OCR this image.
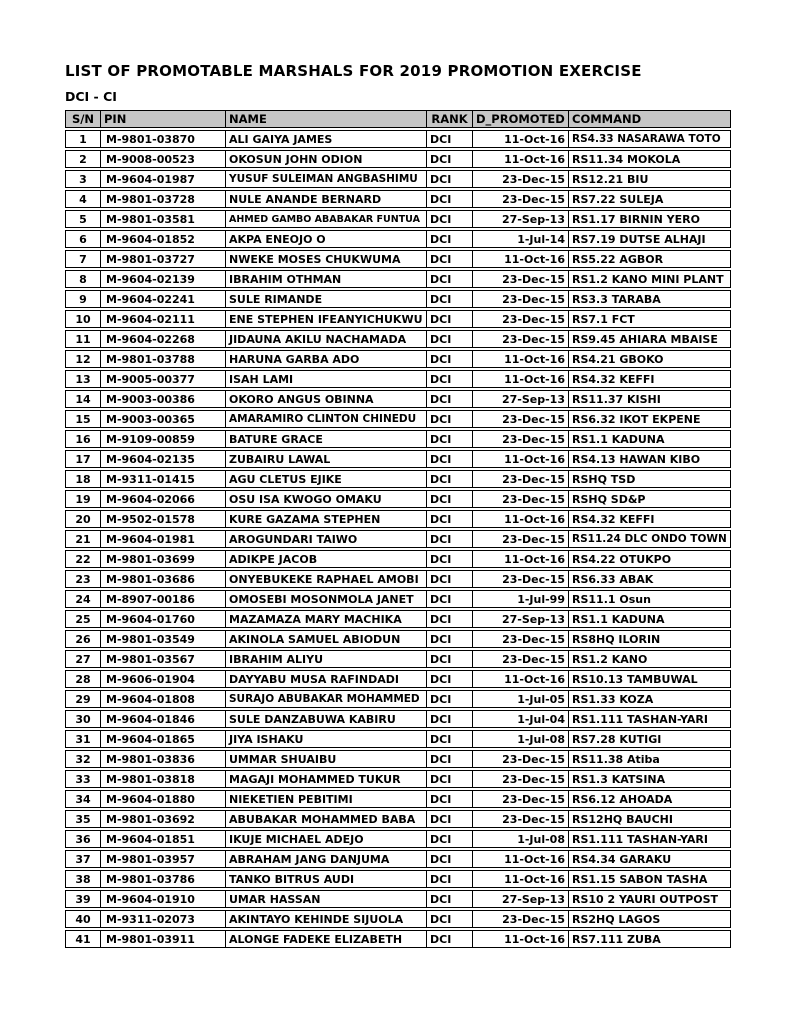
LIST OF PROMOTABLE MARSHALS FOR 2019 PROMOTION EXERCISE
DCI - CI
S/N	PIN	NAME	RANK	D_PROMOTED	COMMAND
1	M-9801-03870	ALI GAIYA JAMES	DCI	11-Oct-16	RS4.33 NASARAWA TOTO
2	M-9008-00523	OKOSUN JOHN ODION	DCI	11-Oct-16	RS11.34 MOKOLA
3	M-9604-01987	YUSUF SULEIMAN ANGBASHIMU	DCI	23-Dec-15	RS12.21 BIU
4	M-9801-03728	NULE ANANDE BERNARD	DCI	23-Dec-15	RS7.22 SULEJA
5	M-9801-03581	AHMED GAMBO ABABAKAR FUNTUA	DCI	27-Sep-13	RS1.17 BIRNIN YERO
6	M-9604-01852	AKPA ENEOJO O	DCI	1-Jul-14	RS7.19 DUTSE ALHAJI
7	M-9801-03727	NWEKE MOSES CHUKWUMA	DCI	11-Oct-16	RS5.22 AGBOR
8	M-9604-02139	IBRAHIM OTHMAN	DCI	23-Dec-15	RS1.2 KANO MINI PLANT
9	M-9604-02241	SULE RIMANDE	DCI	23-Dec-15	RS3.3 TARABA
10	M-9604-02111	ENE STEPHEN IFEANYICHUKWU	DCI	23-Dec-15	RS7.1 FCT
11	M-9604-02268	JIDAUNA AKILU NACHAMADA	DCI	23-Dec-15	RS9.45 AHIARA MBAISE
12	M-9801-03788	HARUNA GARBA ADO	DCI	11-Oct-16	RS4.21 GBOKO
13	M-9005-00377	ISAH LAMI	DCI	11-Oct-16	RS4.32 KEFFI
14	M-9003-00386	OKORO ANGUS OBINNA	DCI	27-Sep-13	RS11.37 KISHI
15	M-9003-00365	AMARAMIRO CLINTON CHINEDU	DCI	23-Dec-15	RS6.32 IKOT EKPENE
16	M-9109-00859	BATURE GRACE	DCI	23-Dec-15	RS1.1 KADUNA
17	M-9604-02135	ZUBAIRU LAWAL	DCI	11-Oct-16	RS4.13 HAWAN KIBO
18	M-9311-01415	AGU CLETUS EJIKE	DCI	23-Dec-15	RSHQ TSD
19	M-9604-02066	OSU ISA KWOGO OMAKU	DCI	23-Dec-15	RSHQ SD&P
20	M-9502-01578	KURE GAZAMA STEPHEN	DCI	11-Oct-16	RS4.32 KEFFI
21	M-9604-01981	AROGUNDARI TAIWO	DCI	23-Dec-15	RS11.24 DLC ONDO TOWN
22	M-9801-03699	ADIKPE JACOB	DCI	11-Oct-16	RS4.22 OTUKPO
23	M-9801-03686	ONYEBUKEKE RAPHAEL AMOBI	DCI	23-Dec-15	RS6.33 ABAK
24	M-8907-00186	OMOSEBI MOSONMOLA JANET	DCI	1-Jul-99	RS11.1 Osun
25	M-9604-01760	MAZAMAZA MARY MACHIKA	DCI	27-Sep-13	RS1.1 KADUNA
26	M-9801-03549	AKINOLA SAMUEL ABIODUN	DCI	23-Dec-15	RS8HQ ILORIN
27	M-9801-03567	IBRAHIM ALIYU	DCI	23-Dec-15	RS1.2 KANO
28	M-9606-01904	DAYYABU MUSA RAFINDADI	DCI	11-Oct-16	RS10.13 TAMBUWAL
29	M-9604-01808	SURAJO ABUBAKAR MOHAMMED	DCI	1-Jul-05	RS1.33 KOZA
30	M-9604-01846	SULE DANZABUWA KABIRU	DCI	1-Jul-04	RS1.111 TASHAN-YARI
31	M-9604-01865	JIYA ISHAKU	DCI	1-Jul-08	RS7.28 KUTIGI
32	M-9801-03836	UMMAR SHUAIBU	DCI	23-Dec-15	RS11.38 Atiba
33	M-9801-03818	MAGAJI MOHAMMED TUKUR	DCI	23-Dec-15	RS1.3 KATSINA
34	M-9604-01880	NIEKETIEN PEBITIMI	DCI	23-Dec-15	RS6.12 AHOADA
35	M-9801-03692	ABUBAKAR MOHAMMED BABA	DCI	23-Dec-15	RS12HQ BAUCHI
36	M-9604-01851	IKUJE MICHAEL ADEJO	DCI	1-Jul-08	RS1.111 TASHAN-YARI
37	M-9801-03957	ABRAHAM JANG DANJUMA	DCI	11-Oct-16	RS4.34 GARAKU
38	M-9801-03786	TANKO BITRUS AUDI	DCI	11-Oct-16	RS1.15 SABON TASHA
39	M-9604-01910	UMAR HASSAN	DCI	27-Sep-13	RS10 2 YAURI OUTPOST
40	M-9311-02073	AKINTAYO KEHINDE SIJUOLA	DCI	23-Dec-15	RS2HQ LAGOS
41	M-9801-03911	ALONGE FADEKE ELIZABETH	DCI	11-Oct-16	RS7.111 ZUBA
